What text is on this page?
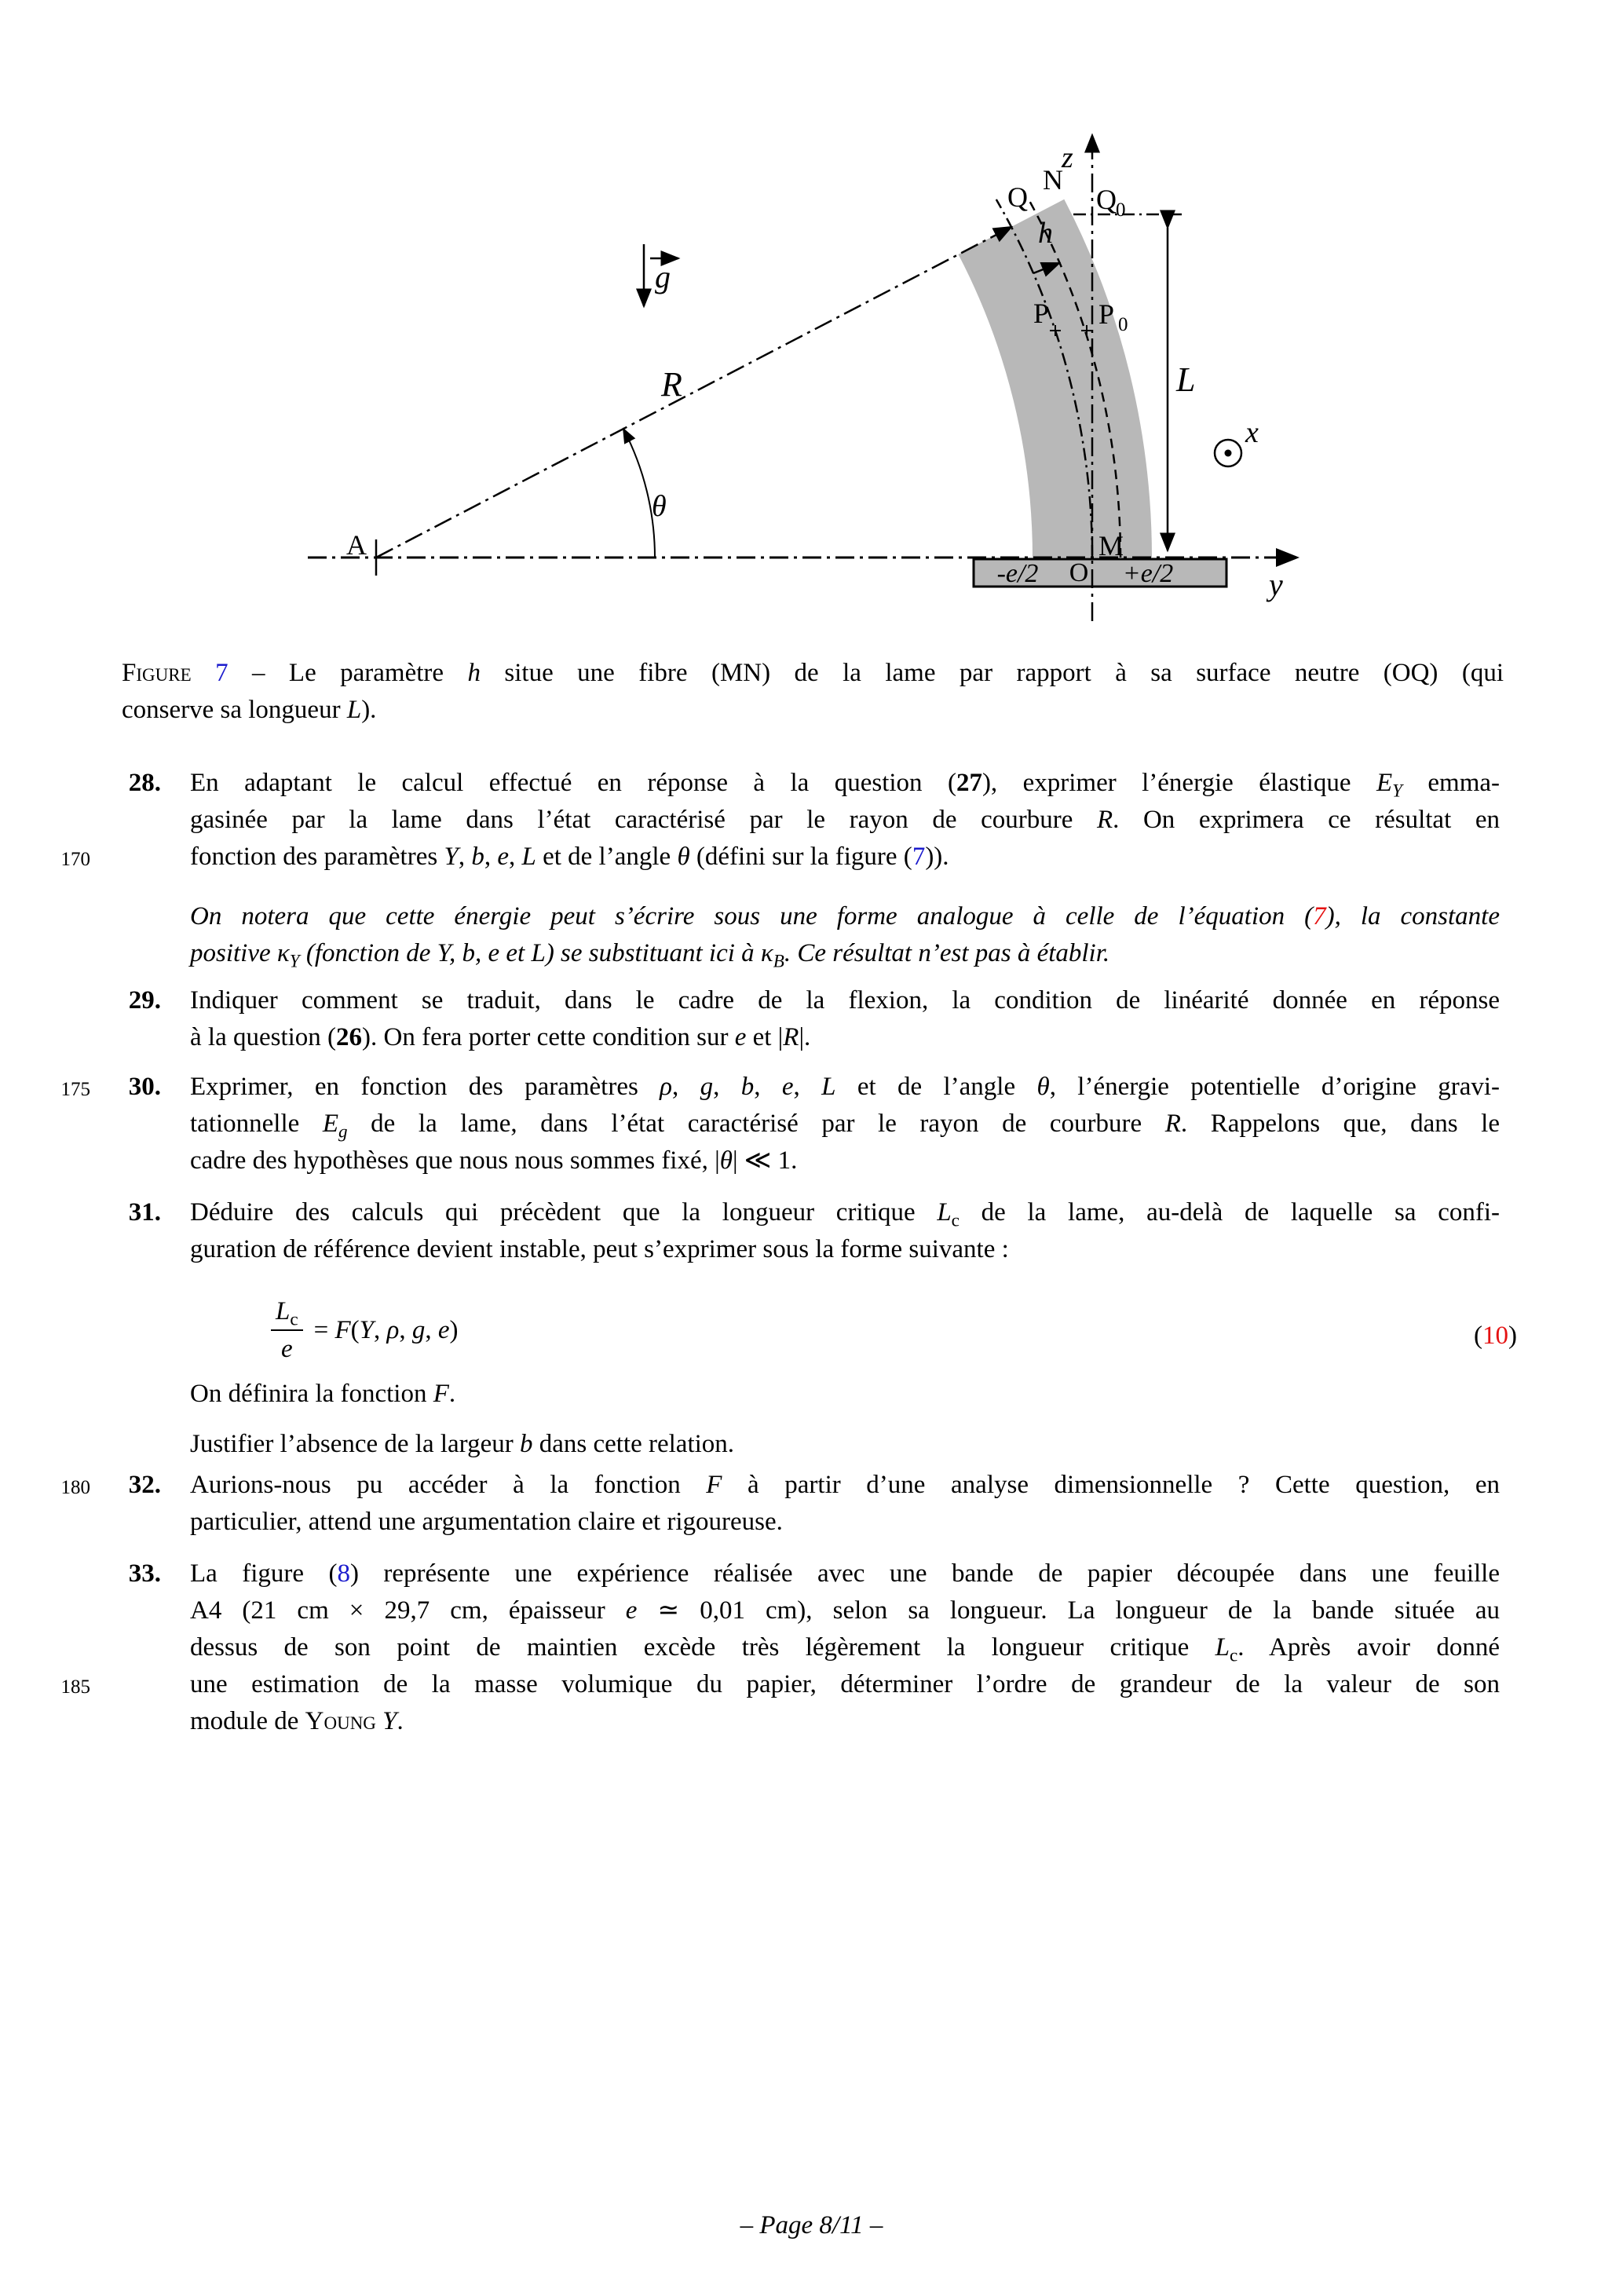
z
N
Q Q 0
h
P P 0
R
θ
g
L
x
y
A	M
-e/2 O +e/2
Figure 7 – Le paramètre h situe une fibre (MN) de la lame par rapport à sa surface neutre (OQ) (qui
conserve sa longueur L).
170
175
180
185
28. En adaptant le calcul effectué en réponse à la question (27), exprimer l’énergie élastique $E_Y$ emma-
gasinée par la lame dans l’état caractérisé par le rayon de courbure R. On exprimera ce résultat en
fonction des paramètres Y, b, e, L et de l’angle θ (défini sur la figure (7)).
On notera que cette énergie peut s’écrire sous une forme analogue à celle de l’équation (7), la constante
positive $\kappa_Y$ (fonction de Y, b, e et L) se substituant ici à $\kappa_B$. Ce résultat n’est pas à établir.
29. Indiquer comment se traduit, dans le cadre de la flexion, la condition de linéarité donnée en réponse
à la question (26). On fera porter cette condition sur e et |R|.
30. Exprimer, en fonction des paramètres ρ, g, b, e, L et de l’angle θ, l’énergie potentielle d’origine gravi-
tationnelle $E_g$ de la lame, dans l’état caractérisé par le rayon de courbure R. Rappelons que, dans le
cadre des hypothèses que nous nous sommes fixé, |θ| ≪ 1.
31. Déduire des calculs qui précèdent que la longueur critique $L_c$ de la lame, au-delà de laquelle sa confi-
guration de référence devient instable, peut s’exprimer sous la forme suivante :
$\frac{L_c}{e} = F(Y$, ρ, g, e)	(10)
On définira la fonction F.
Justifier l’absence de la largeur b dans cette relation.
32. Aurions-nous pu accéder à la fonction F à partir d’une analyse dimensionnelle ? Cette question, en
particulier, attend une argumentation claire et rigoureuse.
33. La figure (8) représente une expérience réalisée avec une bande de papier découpée dans une feuille
A4 (21 cm × 29,7 cm, épaisseur e ≃ 0,01 cm), selon sa longueur. La longueur de la bande située au
dessus de son point de maintien excède très légèrement la longueur critique $L_c$. Après avoir donné
une estimation de la masse volumique du papier, déterminer l’ordre de grandeur de la valeur de son
module de Young Y.
– Page 8/11 –
